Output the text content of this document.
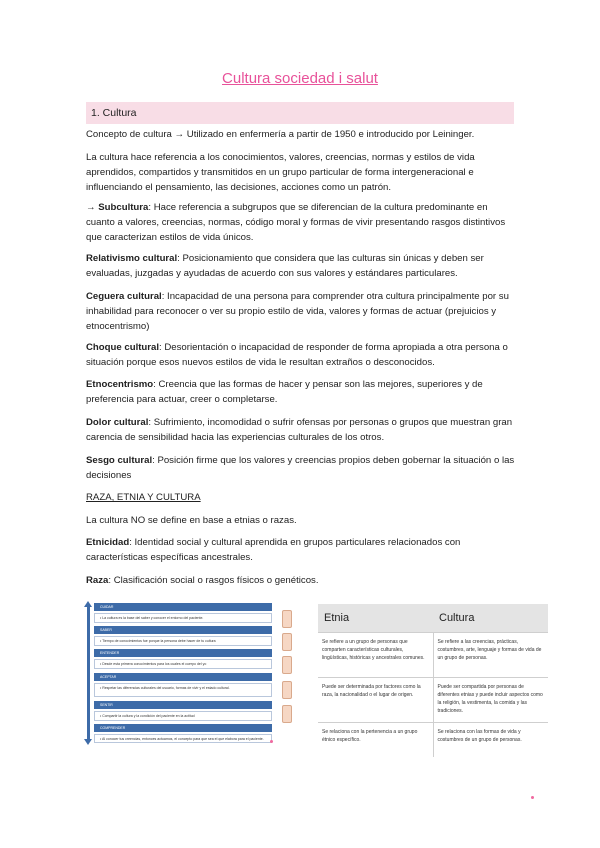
Cultura sociedad i salut
1. Cultura
Concepto de cultura → Utilizado en enfermería a partir de 1950 e introducido por Leininger.
La cultura hace referencia a los conocimientos, valores, creencias, normas y estilos de vida aprendidos, compartidos y transmitidos en un grupo particular de forma intergeneracional e influenciando el pensamiento, las decisiones, acciones como un patrón.
→ Subcultura: Hace referencia a subgrupos que se diferencian de la cultura predominante en cuanto a valores, creencias, normas, código moral y formas de vivir presentando rasgos distintivos que caracterizan estilos de vida únicos.
Relativismo cultural: Posicionamiento que considera que las culturas sin únicas y deben ser evaluadas, juzgadas y ayudadas de acuerdo con sus valores y estándares particulares.
Ceguera cultural: Incapacidad de una persona para comprender otra cultura principalmente por su inhabilidad para reconocer o ver su propio estilo de vida, valores y formas de actuar (prejuicios y etnocentrismo)
Choque cultural: Desorientación o incapacidad de responder de forma apropiada a otra persona o situación porque esos nuevos estilos de vida le resultan extraños o desconocidos.
Etnocentrismo: Creencia que las formas de hacer y pensar son las mejores, superiores y de preferencia para actuar, creer o completarse.
Dolor cultural: Sufrimiento, incomodidad o sufrir ofensas por personas o grupos que muestran gran carencia de sensibilidad hacia las experiencias culturales de los otros.
Sesgo cultural: Posición firme que los valores y creencias propios deben gobernar la situación o las decisiones
RAZA, ETNIA Y CULTURA
La cultura NO se define en base a etnias o razas.
Etnicidad: Identidad social y cultural aprendida en grupos particulares relacionados con características específicas ancestrales.
Raza: Clasificación social o rasgos físicos o genéticos.
CUIDAR
• La cultura es la base del saber y conocer el entorno del paciente.
SABER
• Tiempo de conocimientos fue porque la persona debe hacer de tu cultura
ENTENDER
• Desde esta primera conocimientos para los cuales el cuerpo del yo
ACEPTAR
• Respetar las diferencias culturales del usuario, formas de vivir y el estado cultural.
SENTIR
• Compartir la cultura y la condición del paciente en la actitud
COMPRENDER
• Al conocer tus creencias, entonces actuamos, el concepto para que sea el que elabora para el paciente.
Etnia	Cultura
Se refiere a un grupo de personas que comparten características culturales, lingüísticas, históricas y ancestrales comunes.	Se refiere a las creencias, prácticas, costumbres, arte, lenguaje y formas de vida de un grupo de personas.
Puede ser determinada por factores como la raza, la nacionalidad o el lugar de origen.	Puede ser compartida por personas de diferentes etnias y puede incluir aspectos como la religión, la vestimenta, la comida y las tradiciones.
Se relaciona con la pertenencia a un grupo étnico específico.	Se relaciona con las formas de vida y costumbres de un grupo de personas.
